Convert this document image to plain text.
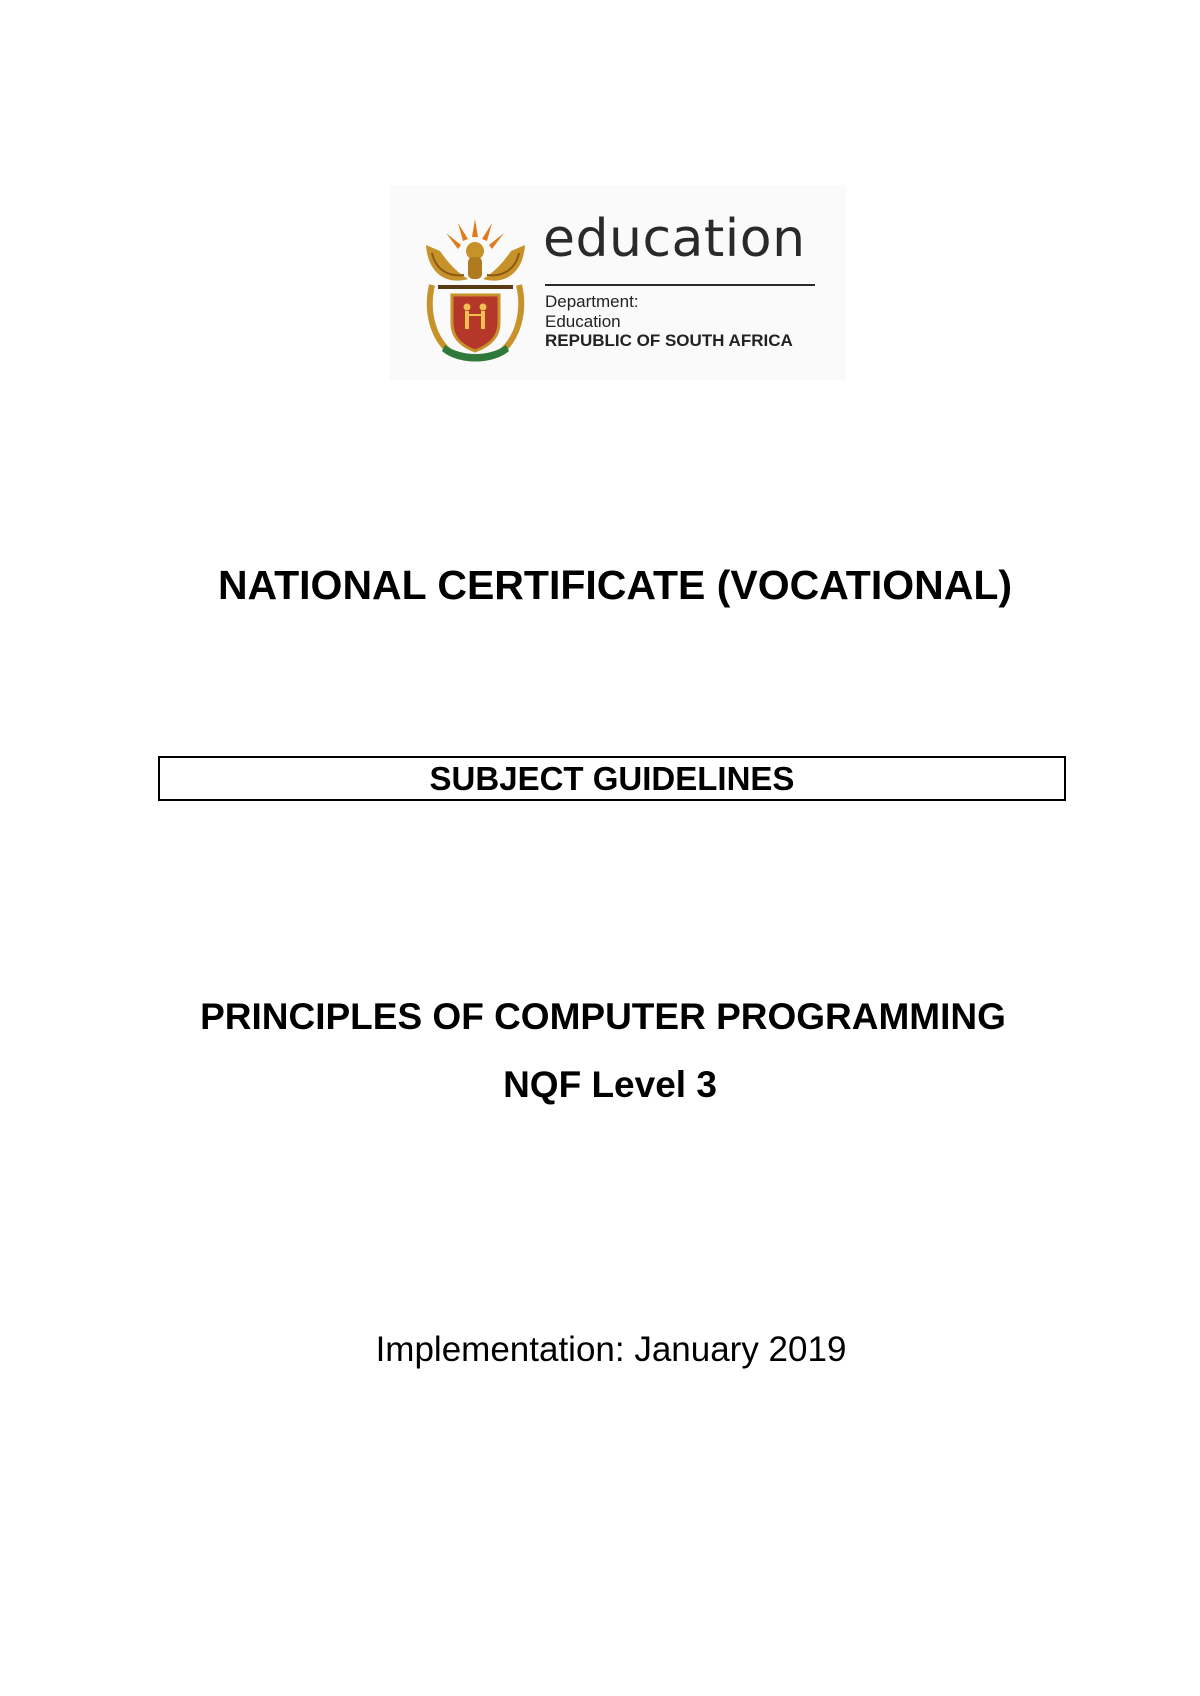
education
Department:
Education
REPUBLIC OF SOUTH AFRICA
NATIONAL CERTIFICATE (VOCATIONAL)
SUBJECT GUIDELINES
PRINCIPLES OF COMPUTER PROGRAMMING
NQF Level 3
Implementation: January 2019
